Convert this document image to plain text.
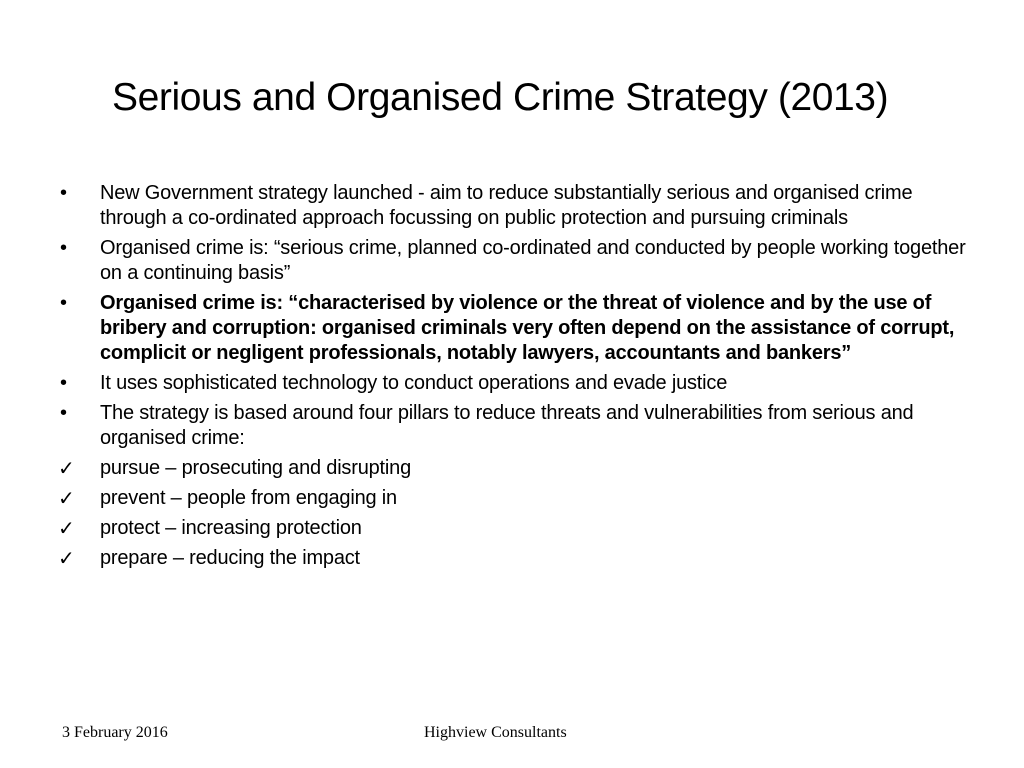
Serious and Organised Crime Strategy (2013)
•	New Government strategy launched - aim to reduce substantially serious and organised crime through a co-ordinated approach focussing on public protection and pursuing criminals
•	Organised crime is: “serious crime, planned co-ordinated and conducted by people working together on a continuing basis”
•	Organised crime is: “characterised by violence or the threat of violence and by the use of bribery and corruption: organised criminals very often depend on the assistance of corrupt, complicit or negligent professionals, notably lawyers, accountants and bankers”
•	It uses sophisticated technology to conduct operations and evade justice
•	The strategy is based around four pillars to reduce threats and vulnerabilities from serious and organised crime:
✓	pursue – prosecuting and disrupting
✓	prevent – people from engaging in
✓	protect – increasing protection
✓	prepare – reducing the impact
3 February 2016	Highview Consultants
